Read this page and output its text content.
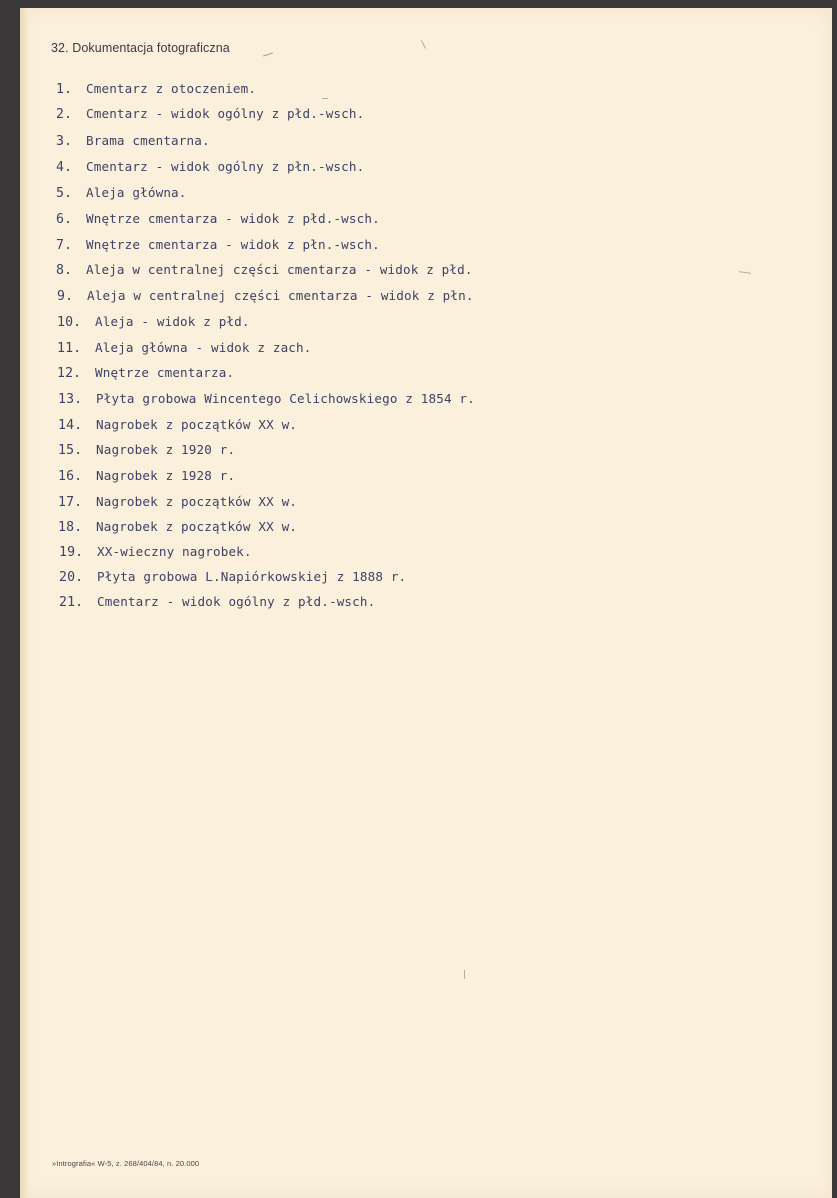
32. Dokumentacja fotograficzna
1. Cmentarz z otoczeniem.
2. Cmentarz - widok ogólny z płd.-wsch.
3. Brama cmentarna.
4. Cmentarz - widok ogólny z płn.-wsch.
5. Aleja główna.
6. Wnętrze cmentarza - widok z płd.-wsch.
7. Wnętrze cmentarza - widok z płn.-wsch.
8. Aleja w centralnej części cmentarza - widok z płd.
9. Aleja w centralnej części cmentarza - widok z płn.
10. Aleja - widok z płd.
11. Aleja główna - widok z zach.
12. Wnętrze cmentarza.
13. Płyta grobowa Wincentego Celichowskiego z 1854 r.
14. Nagrobek z początków XX w.
15. Nagrobek z 1920 r.
16. Nagrobek z 1928 r.
17. Nagrobek z początków XX w.
18. Nagrobek z początków XX w.
19. XX-wieczny nagrobek.
20. Płyta grobowa L.Napiórkowskiej z 1888 r.
21. Cmentarz - widok ogólny z płd.-wsch.
»Intrografia« W-5, z. 268/404/84, n. 20.000
